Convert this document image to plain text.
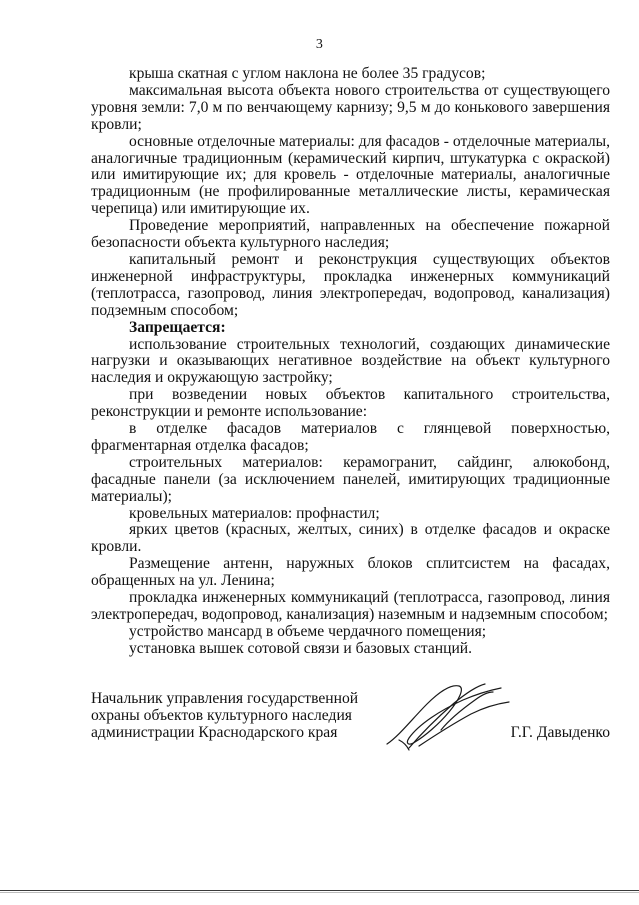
3

крыша скатная с углом наклона не более 35 градусов;

максимальная высота объекта нового строительства от существующего уровня земли: 7,0 м по венчающему карнизу; 9,5 м до конькового завершения кровли;

основные отделочные материалы: для фасадов - отделочные материалы, аналогичные традиционным (керамический кирпич, штукатурка с окраской) или имитирующие их; для кровель - отделочные материалы, аналогичные традиционным (не профилированные металлические листы, керамическая черепица) или имитирующие их.

Проведение мероприятий, направленных на обеспечение пожарной безопасности объекта культурного наследия;

капитальный ремонт и реконструкция существующих объектов инженерной инфраструктуры, прокладка инженерных коммуникаций (теплотрасса, газопровод, линия электропередач, водопровод, канализация) подземным способом;

Запрещается:

использование строительных технологий, создающих динамические нагрузки и оказывающих негативное воздействие на объект культурного наследия и окружающую застройку;

при возведении новых объектов капитального строительства, реконструкции и ремонте использование:

в отделке фасадов материалов с глянцевой поверхностью, фрагментарная отделка фасадов;

строительных материалов: керамогранит, сайдинг, алюкобонд, фасадные панели (за исключением панелей, имитирующих традиционные материалы);

кровельных материалов: профнастил;

ярких цветов (красных, желтых, синих) в отделке фасадов и окраске кровли.

Размещение антенн, наружных блоков сплитсистем на фасадах, обращенных на ул. Ленина;

прокладка инженерных коммуникаций (теплотрасса, газопровод, линия электропередач, водопровод, канализация) наземным и надземным способом;

устройство мансард в объеме чердачного помещения;

установка вышек сотовой связи и базовых станций.

Начальник управления государственной
охраны объектов культурного наследия
администрации Краснодарского края	Г.Г. Давыденко
